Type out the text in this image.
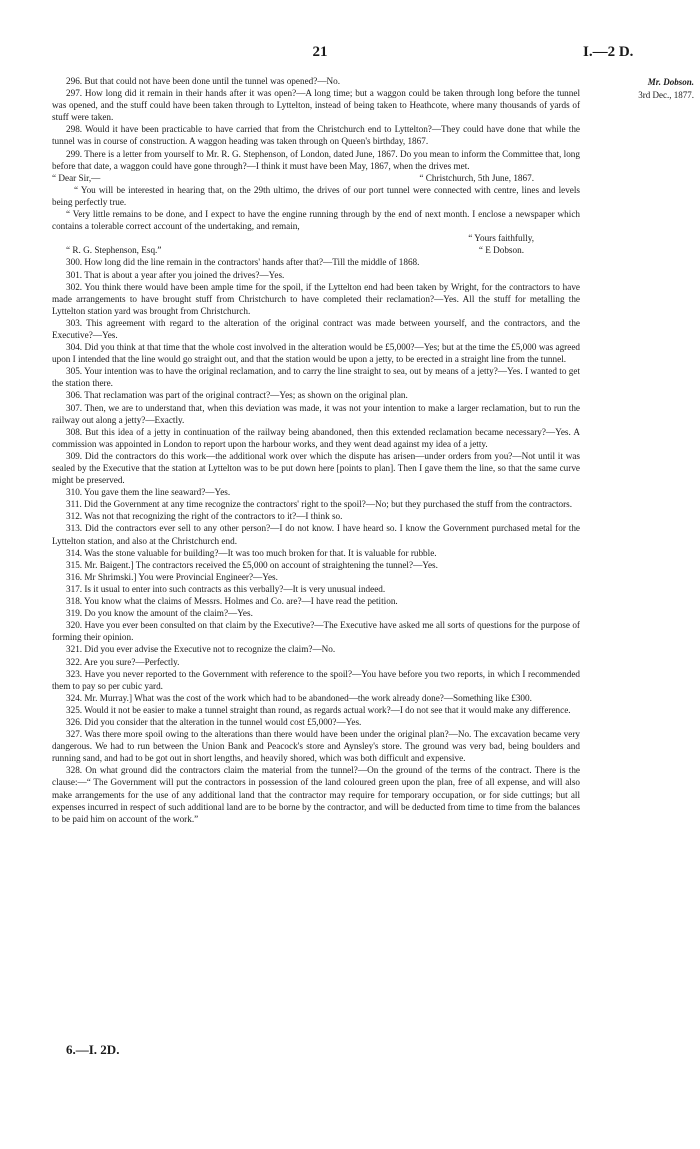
21	I.—2 D.
Mr. Dobson.
3rd Dec., 1877.

296. But that could not have been done until the tunnel was opened?—No.

297. How long did it remain in their hands after it was open?—A long time; but a waggon could be taken through long before the tunnel was opened, and the stuff could have been taken through to Lyttelton, instead of being taken to Heathcote, where many thousands of yards of stuff were taken.

298. Would it have been practicable to have carried that from the Christchurch end to Lyttelton?—They could have done that while the tunnel was in course of construction. A waggon heading was taken through on Queen's birthday, 1867.

299. There is a letter from yourself to Mr. R. G. Stephenson, of London, dated June, 1867. Do you mean to inform the Committee that, long before that date, a waggon could have gone through?—I think it must have been May, 1867, when the drives met.

“ Dear Sir,—	“ Christchurch, 5th June, 1867.

“ You will be interested in hearing that, on the 29th ultimo, the drives of our port tunnel were connected with centre, lines and levels being perfectly true.

“ Very little remains to be done, and I expect to have the engine running through by the end of next month. I enclose a newspaper which contains a tolerable correct account of the undertaking, and remain,

“ Yours faithfully,

“ R. G. Stephenson, Esq.”	“ E Dobson.

300. How long did the line remain in the contractors' hands after that?—Till the middle of 1868.

301. That is about a year after you joined the drives?—Yes.

302. You think there would have been ample time for the spoil, if the Lyttelton end had been taken by Wright, for the contractors to have made arrangements to have brought stuff from Christchurch to have completed their reclamation?—Yes. All the stuff for metalling the Lyttelton station yard was brought from Christchurch.

303. This agreement with regard to the alteration of the original contract was made between yourself, and the contractors, and the Executive?—Yes.

304. Did you think at that time that the whole cost involved in the alteration would be £5,000?—Yes; but at the time the £5,000 was agreed upon I intended that the line would go straight out, and that the station would be upon a jetty, to be erected in a straight line from the tunnel.

305. Your intention was to have the original reclamation, and to carry the line straight to sea, out by means of a jetty?—Yes. I wanted to get the station there.

306. That reclamation was part of the original contract?—Yes; as shown on the original plan.

307. Then, we are to understand that, when this deviation was made, it was not your intention to make a larger reclamation, but to run the railway out along a jetty?—Exactly.

308. But this idea of a jetty in continuation of the railway being abandoned, then this extended reclamation became necessary?—Yes. A commission was appointed in London to report upon the harbour works, and they went dead against my idea of a jetty.

309. Did the contractors do this work—the additional work over which the dispute has arisen—under orders from you?—Not until it was sealed by the Executive that the station at Lyttelton was to be put down here [points to plan]. Then I gave them the line, so that the same curve might be preserved.

310. You gave them the line seaward?—Yes.

311. Did the Government at any time recognize the contractors' right to the spoil?—No; but they purchased the stuff from the contractors.

312. Was not that recognizing the right of the contractors to it?—I think so.

313. Did the contractors ever sell to any other person?—I do not know. I have heard so. I know the Government purchased metal for the Lyttelton station, and also at the Christchurch end.

314. Was the stone valuable for building?—It was too much broken for that. It is valuable for rubble.

315. Mr. Baigent.] The contractors received the £5,000 on account of straightening the tunnel?—Yes.

316. Mr Shrimski.] You were Provincial Engineer?—Yes.

317. Is it usual to enter into such contracts as this verbally?—It is very unusual indeed.

318. You know what the claims of Messrs. Holmes and Co. are?—I have read the petition.

319. Do you know the amount of the claim?—Yes.

320. Have you ever been consulted on that claim by the Executive?—The Executive have asked me all sorts of questions for the purpose of forming their opinion.

321. Did you ever advise the Executive not to recognize the claim?—No.

322. Are you sure?—Perfectly.

323. Have you never reported to the Government with reference to the spoil?—You have before you two reports, in which I recommended them to pay so per cubic yard.

324. Mr. Murray.] What was the cost of the work which had to be abandoned—the work already done?—Something like £300.

325. Would it not be easier to make a tunnel straight than round, as regards actual work?—I do not see that it would make any difference.

326. Did you consider that the alteration in the tunnel would cost £5,000?—Yes.

327. Was there more spoil owing to the alterations than there would have been under the original plan?—No. The excavation became very dangerous. We had to run between the Union Bank and Peacock's store and Aynsley's store. The ground was very bad, being boulders and running sand, and had to be got out in short lengths, and heavily shored, which was both difficult and expensive.

328. On what ground did the contractors claim the material from the tunnel?—On the ground of the terms of the contract. There is the clause:—“ The Government will put the contractors in possession of the land coloured green upon the plan, free of all expense, and will also make arrangements for the use of any additional land that the contractor may require for temporary occupation, or for side cuttings; but all expenses incurred in respect of such additional land are to be borne by the contractor, and will be deducted from time to time from the balances to be paid him on account of the work.”

6.—I. 2D.
